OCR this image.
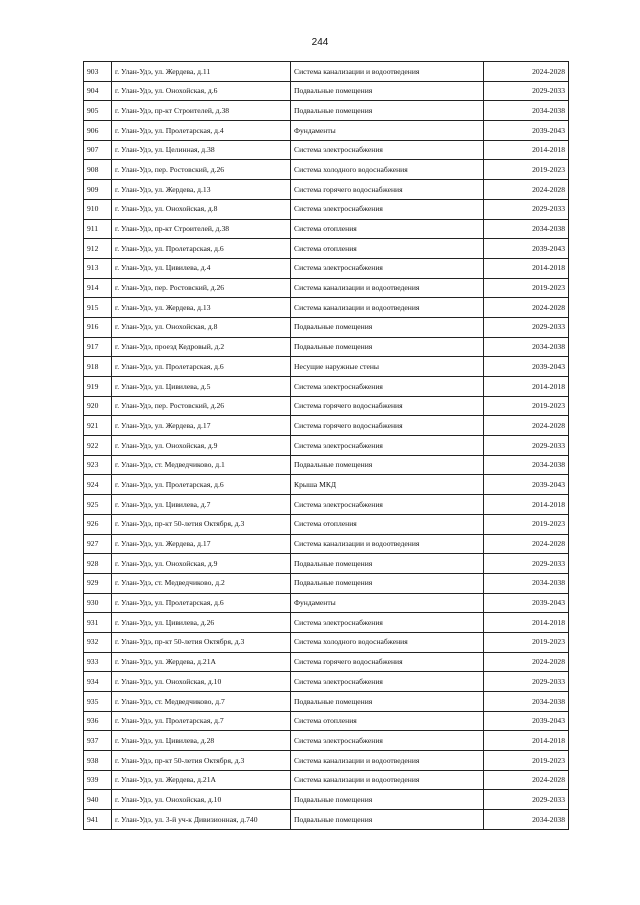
244
903	г. Улан-Удэ, ул. Жердева, д.11	Система канализации и водоотведения	2024-2028
904	г. Улан-Удэ, ул. Онохойская, д.6	Подвальные помещения	2029-2033
905	г. Улан-Удэ, пр-кт Строителей, д.38	Подвальные помещения	2034-2038
906	г. Улан-Удэ, ул. Пролетарская, д.4	Фундаменты	2039-2043
907	г. Улан-Удэ, ул. Целинная, д.38	Система электроснабжения	2014-2018
908	г. Улан-Удэ, пер. Ростовский, д.26	Система холодного водоснабжения	2019-2023
909	г. Улан-Удэ, ул. Жердева, д.13	Система горячего водоснабжения	2024-2028
910	г. Улан-Удэ, ул. Онохойская, д.8	Система электроснабжения	2029-2033
911	г. Улан-Удэ, пр-кт Строителей, д.38	Система отопления	2034-2038
912	г. Улан-Удэ, ул. Пролетарская, д.6	Система отопления	2039-2043
913	г. Улан-Удэ, ул. Цивилева, д.4	Система электроснабжения	2014-2018
914	г. Улан-Удэ, пер. Ростовский, д.26	Система канализации и водоотведения	2019-2023
915	г. Улан-Удэ, ул. Жердева, д.13	Система канализации и водоотведения	2024-2028
916	г. Улан-Удэ, ул. Онохойская, д.8	Подвальные помещения	2029-2033
917	г. Улан-Удэ, проезд Кедровый, д.2	Подвальные помещения	2034-2038
918	г. Улан-Удэ, ул. Пролетарская, д.6	Несущие наружные стены	2039-2043
919	г. Улан-Удэ, ул. Цивилева, д.5	Система электроснабжения	2014-2018
920	г. Улан-Удэ, пер. Ростовский, д.26	Система горячего водоснабжения	2019-2023
921	г. Улан-Удэ, ул. Жердева, д.17	Система горячего водоснабжения	2024-2028
922	г. Улан-Удэ, ул. Онохойская, д.9	Система электроснабжения	2029-2033
923	г. Улан-Удэ, ст. Медведчиково, д.1	Подвальные помещения	2034-2038
924	г. Улан-Удэ, ул. Пролетарская, д.6	Крыша МКД	2039-2043
925	г. Улан-Удэ, ул. Цивилева, д.7	Система электроснабжения	2014-2018
926	г. Улан-Удэ, пр-кт 50-летия Октября, д.3	Система отопления	2019-2023
927	г. Улан-Удэ, ул. Жердева, д.17	Система канализации и водоотведения	2024-2028
928	г. Улан-Удэ, ул. Онохойская, д.9	Подвальные помещения	2029-2033
929	г. Улан-Удэ, ст. Медведчиково, д.2	Подвальные помещения	2034-2038
930	г. Улан-Удэ, ул. Пролетарская, д.6	Фундаменты	2039-2043
931	г. Улан-Удэ, ул. Цивилева, д.26	Система электроснабжения	2014-2018
932	г. Улан-Удэ, пр-кт 50-летия Октября, д.3	Система холодного водоснабжения	2019-2023
933	г. Улан-Удэ, ул. Жердева, д.21А	Система горячего водоснабжения	2024-2028
934	г. Улан-Удэ, ул. Онохойская, д.10	Система электроснабжения	2029-2033
935	г. Улан-Удэ, ст. Медведчиково, д.7	Подвальные помещения	2034-2038
936	г. Улан-Удэ, ул. Пролетарская, д.7	Система отопления	2039-2043
937	г. Улан-Удэ, ул. Цивилева, д.28	Система электроснабжения	2014-2018
938	г. Улан-Удэ, пр-кт 50-летия Октября, д.3	Система канализации и водоотведения	2019-2023
939	г. Улан-Удэ, ул. Жердева, д.21А	Система канализации и водоотведения	2024-2028
940	г. Улан-Удэ, ул. Онохойская, д.10	Подвальные помещения	2029-2033
941	г. Улан-Удэ, ул. 3-й уч-к Дивизионная, д.740	Подвальные помещения	2034-2038
